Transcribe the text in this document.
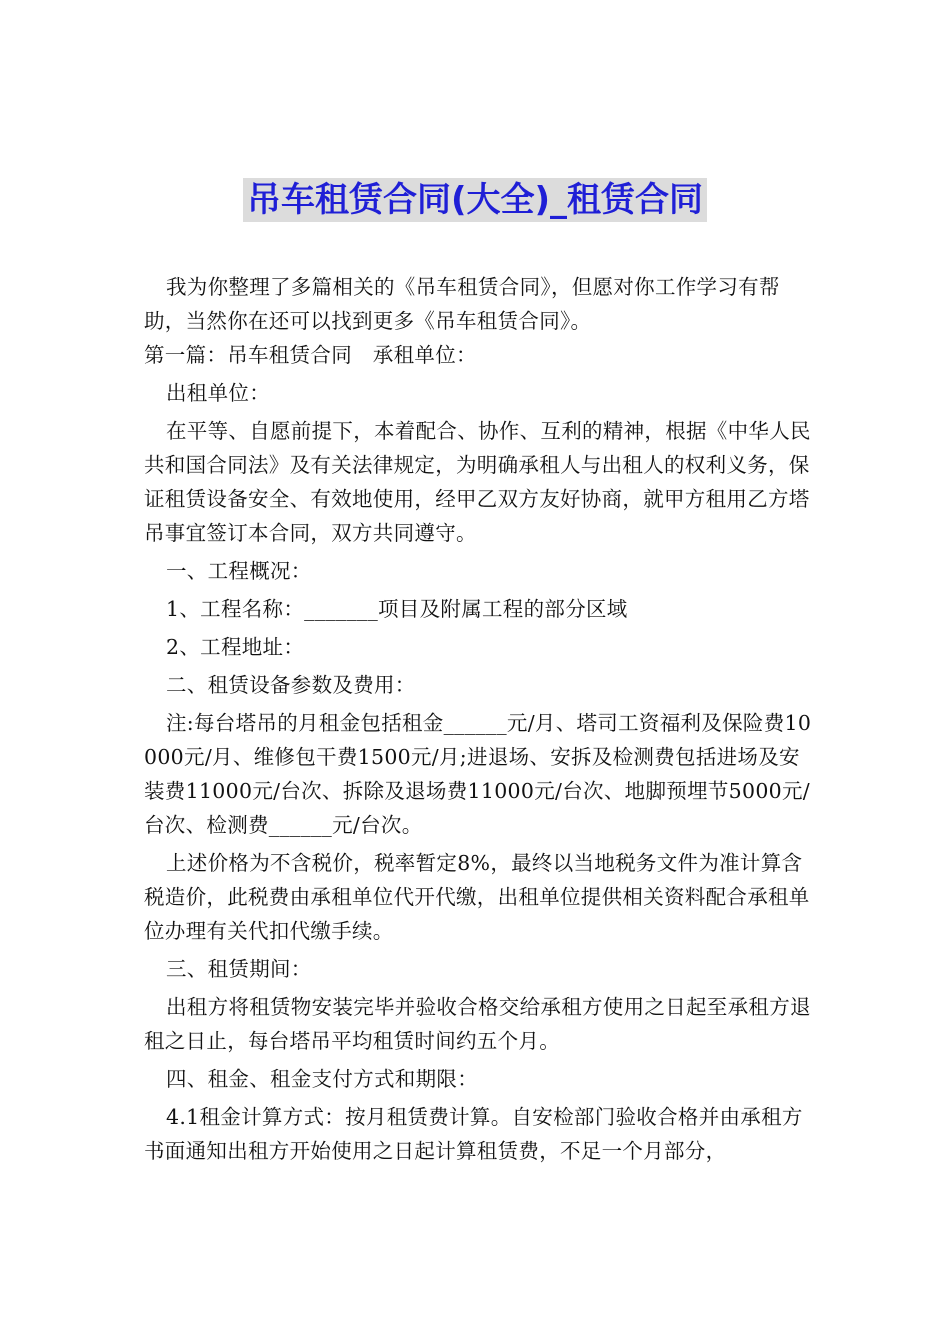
吊车租赁合同(大全)_租赁合同

我为你整理了多篇相关的《吊车租赁合同》，但愿对你工作学习有帮助，当然你在还可以找到更多《吊车租赁合同》。

第一篇：吊车租赁合同　承租单位：

出租单位：

在平等、自愿前提下，本着配合、协作、互利的精神，根据《中华人民共和国合同法》及有关法律规定，为明确承租人与出租人的权利义务，保证租赁设备安全、有效地使用，经甲乙双方友好协商，就甲方租用乙方塔吊事宜签订本合同，双方共同遵守。

一、工程概况：

1、工程名称：_______项目及附属工程的部分区域

2、工程地址：

二、租赁设备参数及费用：

注:每台塔吊的月租金包括租金______元/月、塔司工资福利及保险费10000元/月、维修包干费1500元/月;进退场、安拆及检测费包括进场及安装费11000元/台次、拆除及退场费11000元/台次、地脚预埋节5000元/台次、检测费______元/台次。

上述价格为不含税价，税率暂定8%，最终以当地税务文件为准计算含税造价，此税费由承租单位代开代缴，出租单位提供相关资料配合承租单位办理有关代扣代缴手续。

三、租赁期间：

出租方将租赁物安装完毕并验收合格交给承租方使用之日起至承租方退租之日止，每台塔吊平均租赁时间约五个月。

四、租金、租金支付方式和期限：

4.1租金计算方式：按月租赁费计算。自安检部门验收合格并由承租方书面通知出租方开始使用之日起计算租赁费，不足一个月部分，
